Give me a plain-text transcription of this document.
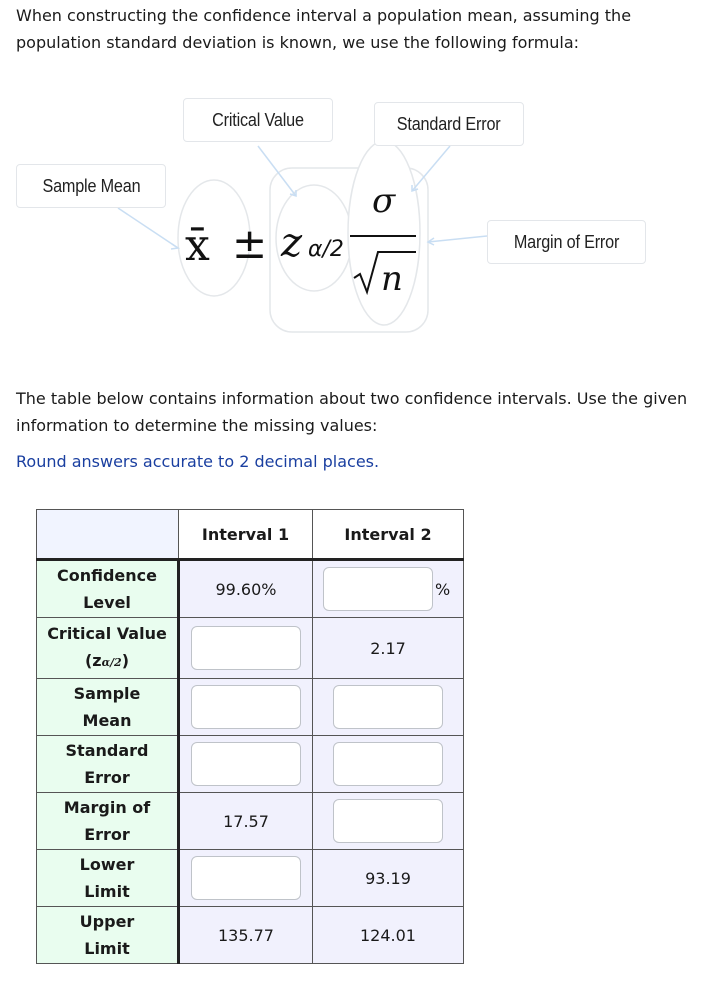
When constructing the confidence interval a population mean, assuming the population standard deviation is known, we use the following formula:

x̄ ± z α/2
σ
n
Critical Value	Standard Error
Sample Mean
Margin of Error

The table below contains information about two confidence intervals. Use the given information to determine the missing values:

Round answers accurate to 2 decimal places.

	Interval 1	Interval 2

Confidence
Level	99.60%	%

Critical Value
(zα/2)		2.17

Sample
Mean

Standard
Error

Margin of
Error	17.57	

Lower
Limit		93.19

Upper
Limit	135.77	124.01
